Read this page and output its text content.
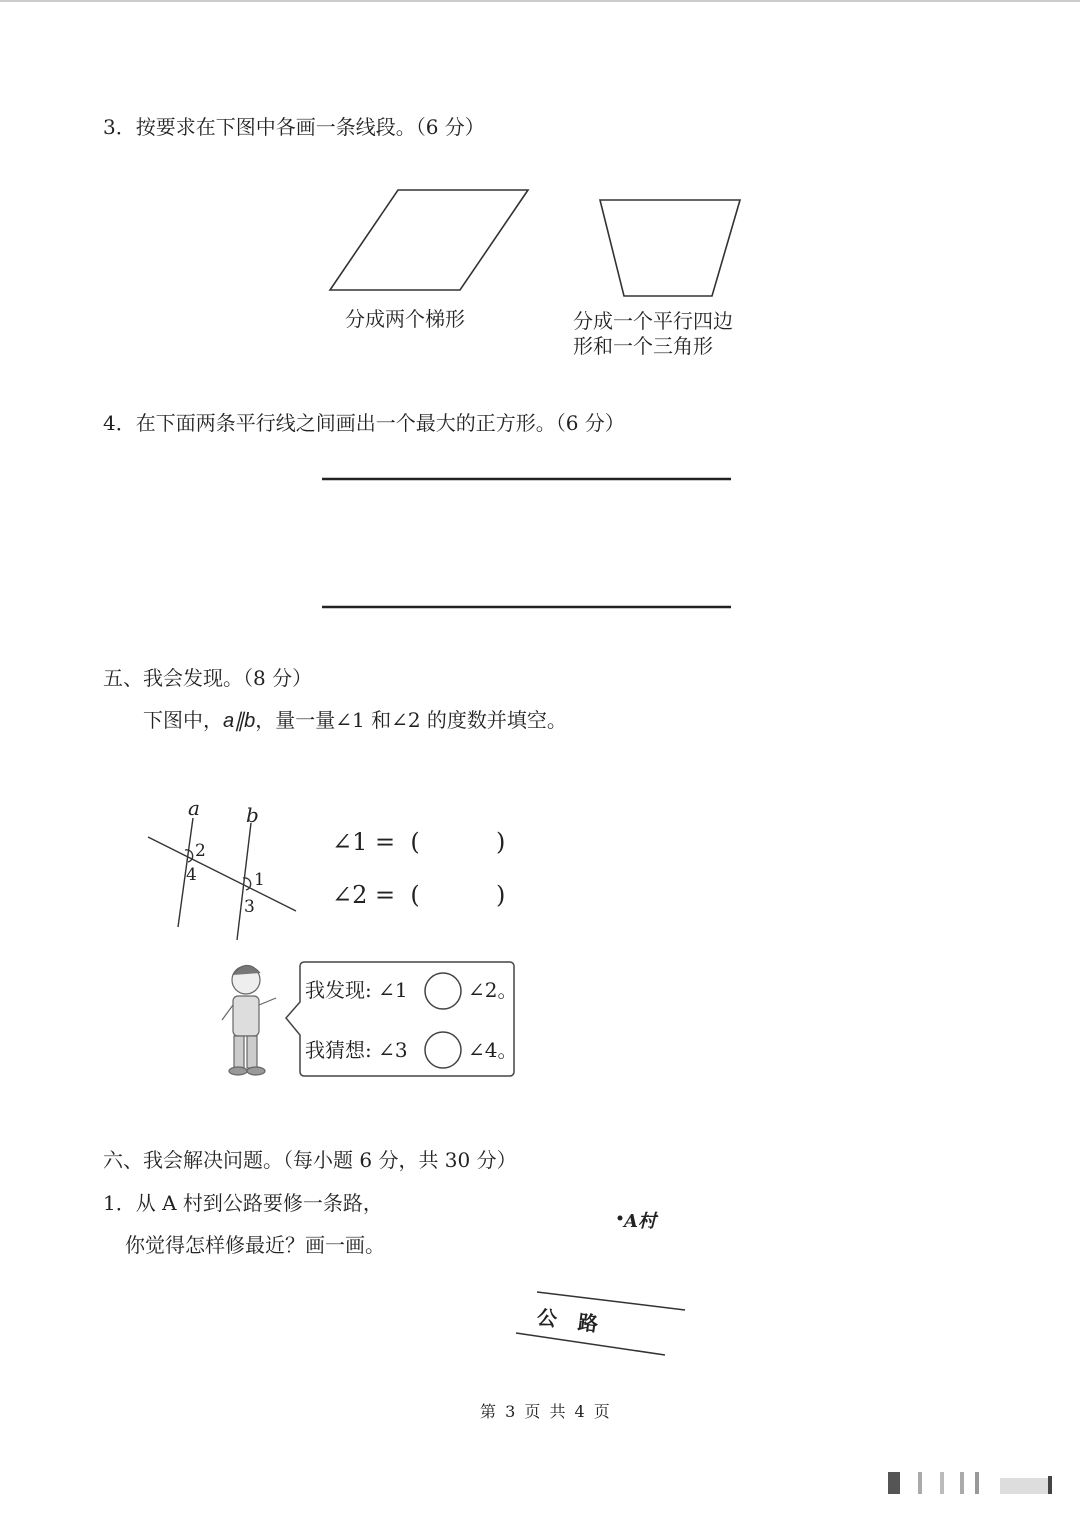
3．按要求在下图中各画一条线段。（6 分）
分成两个梯形	分成一个平行四边
形和一个三角形
4．在下面两条平行线之间画出一个最大的正方形。（6 分）
五、我会发现。（8 分）
下图中，a∥b，量一量∠1 和∠2 的度数并填空。
a b
2
4	1
3
∠1 =  (          )
∠2 =  (          )
我发现: ∠1	∠2。
我猜想: ∠3	∠4。
六、我会解决问题。（每小题 6 分，共 30 分）
1．从 A 村到公路要修一条路，
你觉得怎样修最近？画一画。
A村
公 路
第 3 页 共 4 页
